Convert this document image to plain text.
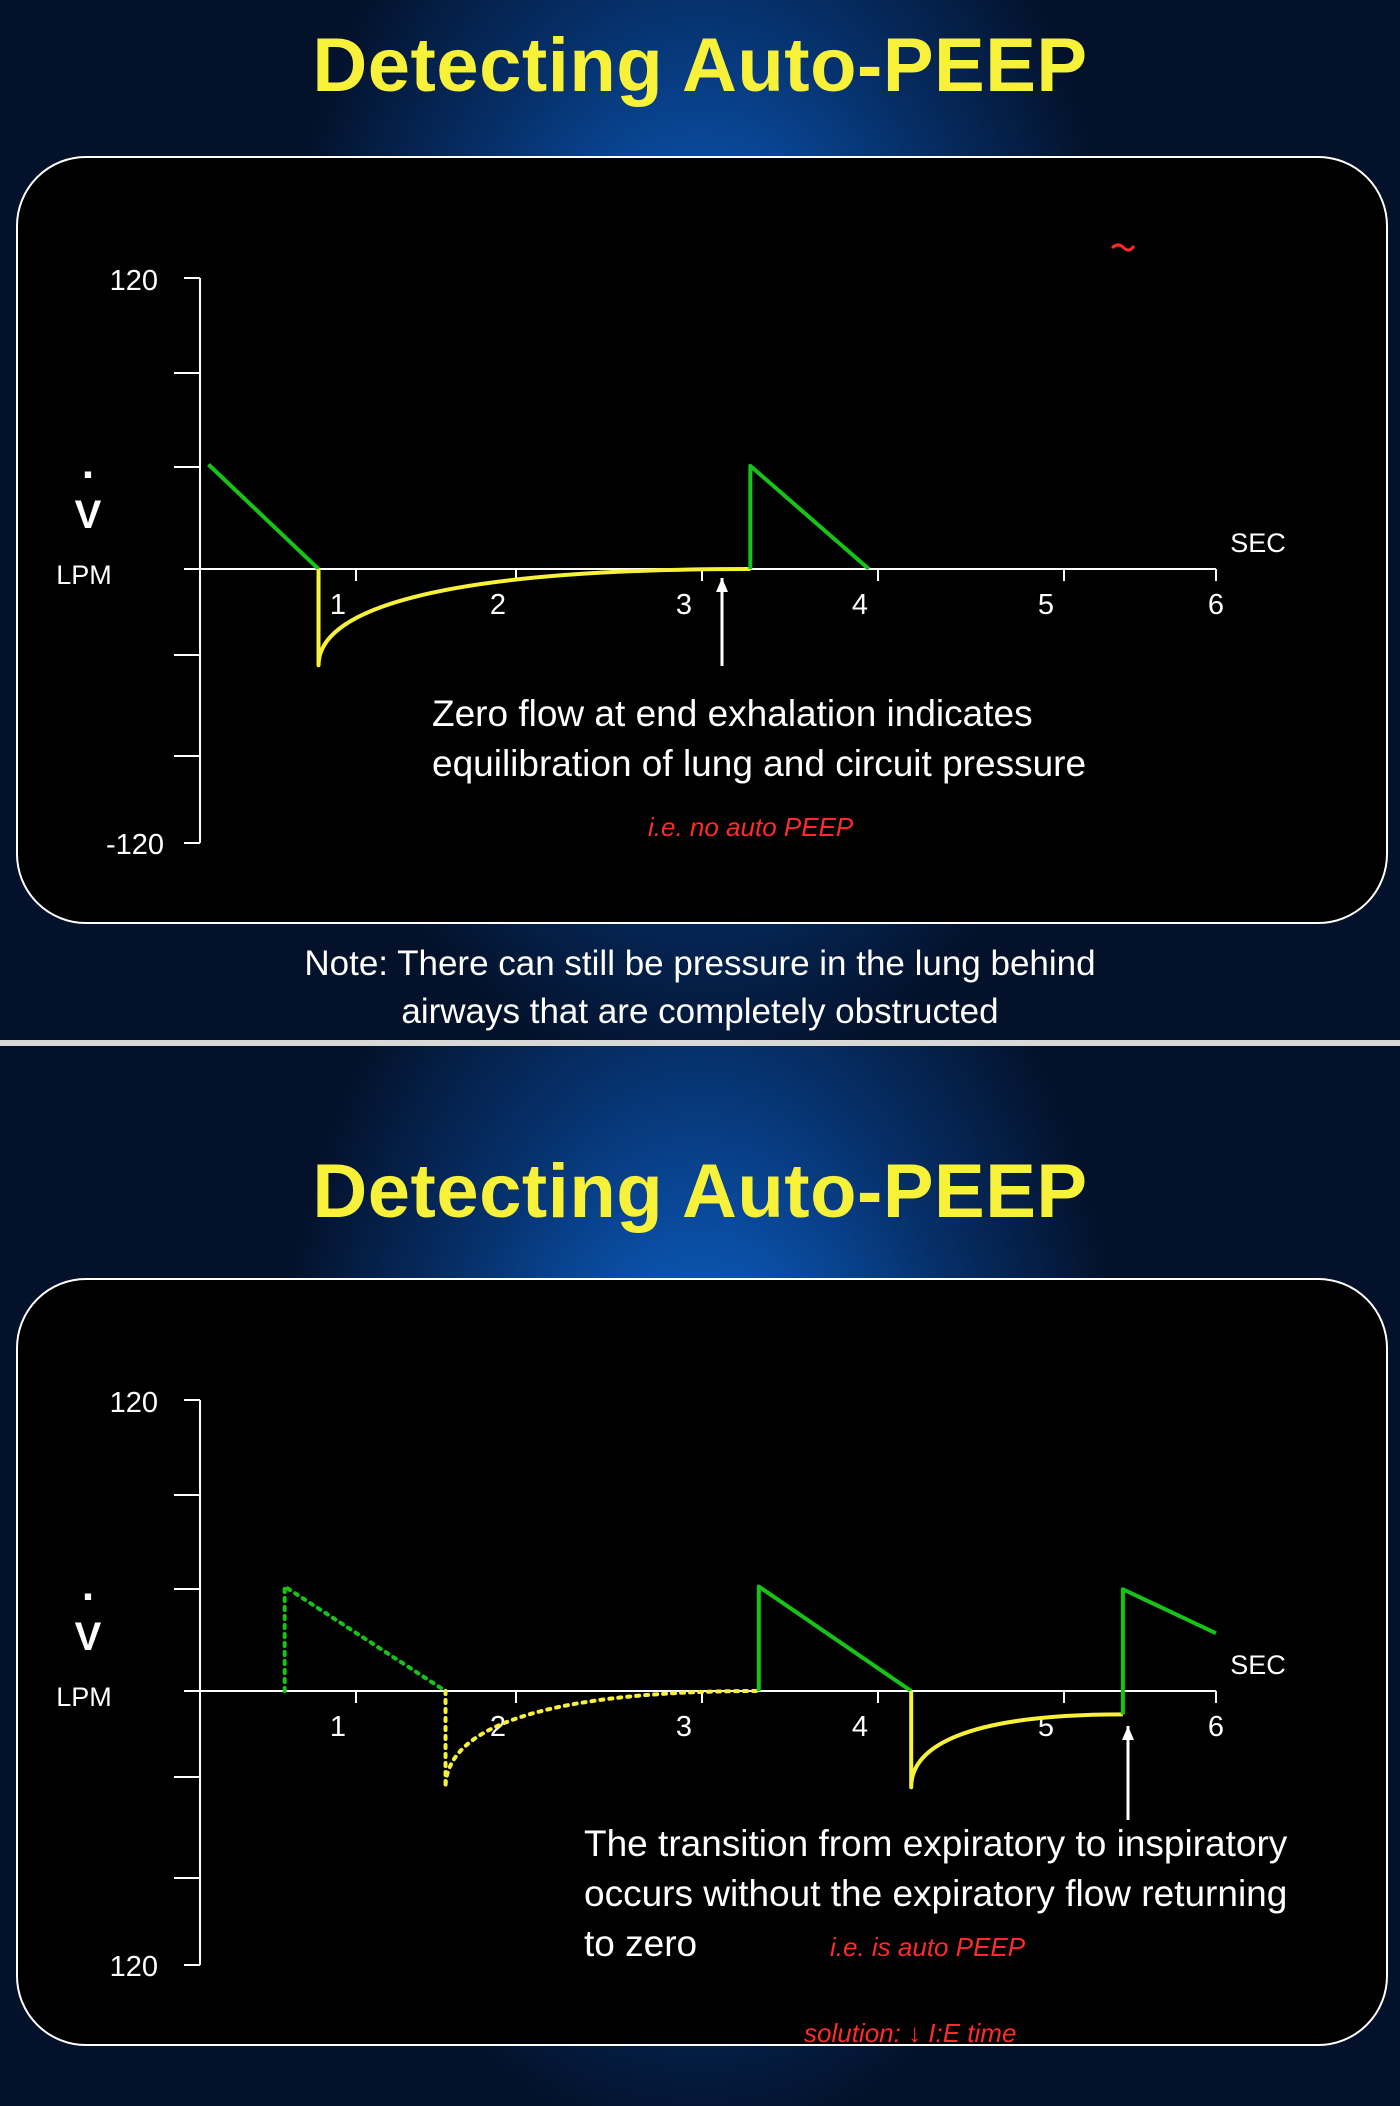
Detecting Auto-PEEP
120
-120
V
.
LPM
SEC
1	2	3	4	5	6
Zero flow at end exhalation indicates
equilibration of lung and circuit pressure
i.e. no auto PEEP
Note: There can still be pressure in the lung behind
airways that are completely obstructed
Detecting Auto-PEEP
120
120
V
.
LPM
SEC
1	2	3	4	5	6
The transition from expiratory to inspiratory
occurs without the expiratory flow returning
to zero	i.e. is auto PEEP
solution: ↓ I:E time
